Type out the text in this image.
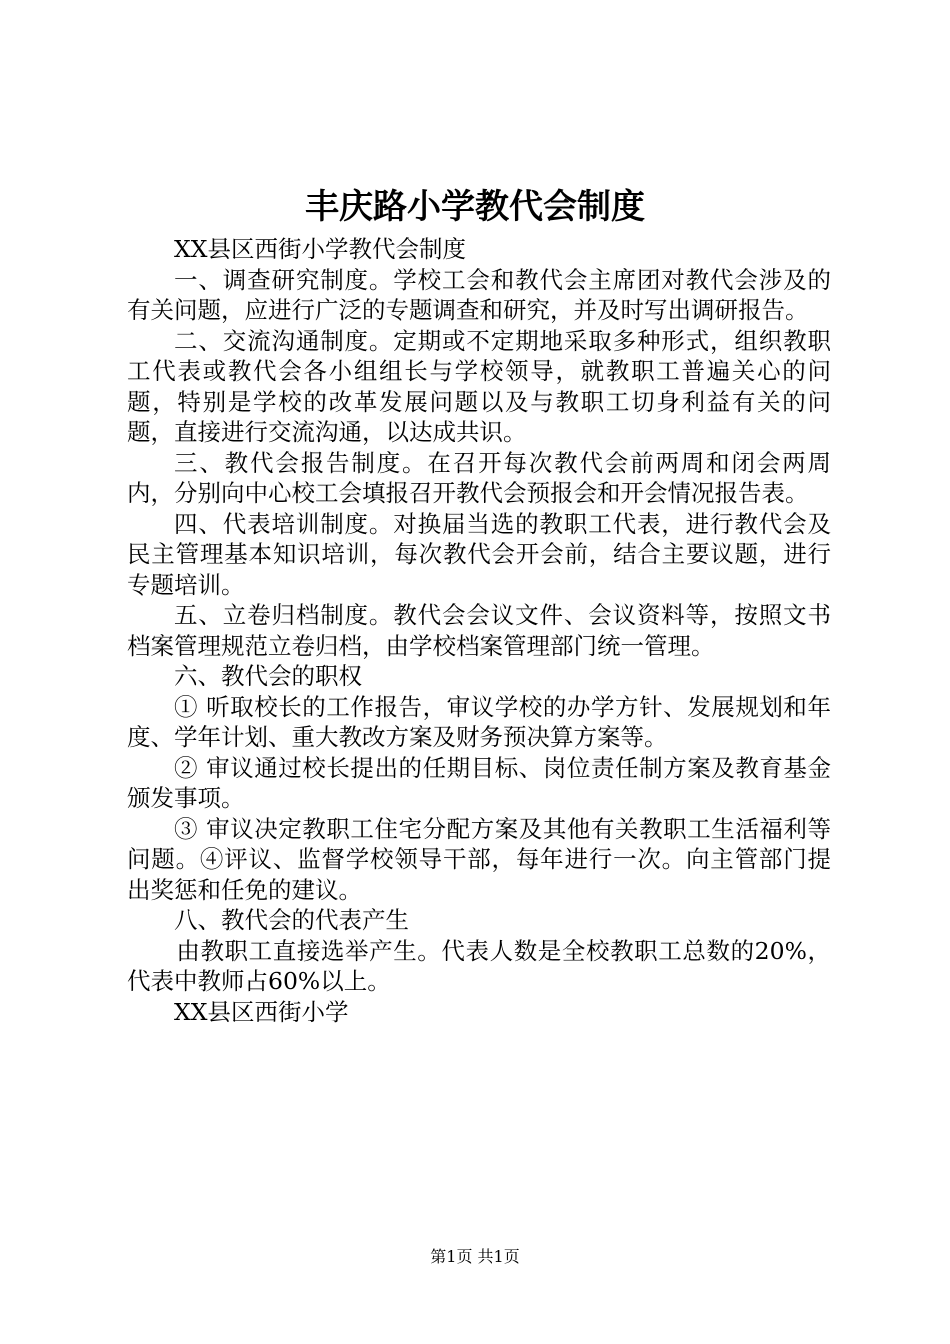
丰庆路小学教代会制度

XX县区西街小学教代会制度

一、调查研究制度。学校工会和教代会主席团对教代会涉及的有关问题，应进行广泛的专题调查和研究，并及时写出调研报告。

二、交流沟通制度。定期或不定期地采取多种形式，组织教职工代表或教代会各小组组长与学校领导，就教职工普遍关心的问题，特别是学校的改革发展问题以及与教职工切身利益有关的问题，直接进行交流沟通，以达成共识。

三、教代会报告制度。在召开每次教代会前两周和闭会两周内，分别向中心校工会填报召开教代会预报会和开会情况报告表。

四、代表培训制度。对换届当选的教职工代表，进行教代会及民主管理基本知识培训，每次教代会开会前，结合主要议题，进行专题培训。

五、立卷归档制度。教代会会议文件、会议资料等，按照文书档案管理规范立卷归档，由学校档案管理部门统一管理。

六、教代会的职权

① 听取校长的工作报告，审议学校的办学方针、发展规划和年度、学年计划、重大教改方案及财务预决算方案等。

② 审议通过校长提出的任期目标、岗位责任制方案及教育基金颁发事项。

③ 审议决定教职工住宅分配方案及其他有关教职工生活福利等问题。④评议、监督学校领导干部，每年进行一次。向主管部门提出奖惩和任免的建议。

八、教代会的代表产生

由教职工直接选举产生。代表人数是全校教职工总数的20%，代表中教师占60%以上。

XX县区西街小学

第1页 共1页
